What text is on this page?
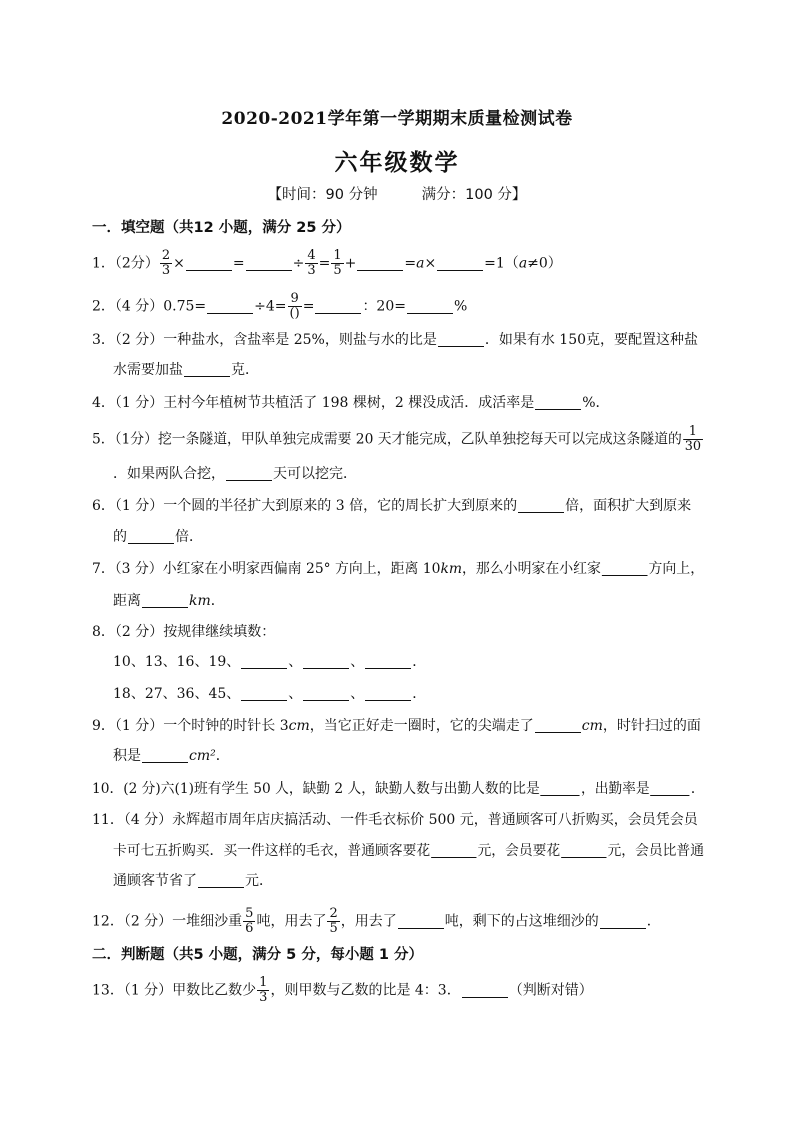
2020-2021学年第一学期期末质量检测试卷
六年级数学
【时间：90 分钟	满分：100 分】
一．填空题（共12 小题，满分 25 分）
1．（2分） $\frac{2}{3}$ ×	=	÷ $\frac{4}{3} = \frac{1}{5}$ +	=a×	=1（a≠0）
2．（4 分）0.75=	$\div 4= \frac{9}{()}$ =	：20=	%
3．（2 分）一种盐水，含盐率是 25%，则盐与水的比是	．如果有水 150克，要配置这种盐
水需要加盐	克．
4．（1 分）王村今年植树节共植活了 198 棵树，2 棵没成活．成活率是	%．
5．（1分）挖一条隧道，甲队单独完成需要 20 天才能完成，乙队单独挖每天可以完成这条隧道的 $\frac{1}{30}$
．如果两队合挖，	天可以挖完．
6．（1 分）一个圆的半径扩大到原来的 3 倍，它的周长扩大到原来的	倍，面积扩大到原来
的	倍．
7．（3 分）小红家在小明家西偏南 25° 方向上，距离 10km，那么小明家在小红家	方向上，
距离	km．
8．（2 分）按规律继续填数：
10、13、16、19、	、	、	．
18、27、36、45、	、	、	．
9．（1 分）一个时钟的时针长 3cm，当它正好走一圈时，它的尖端走了	cm，时针扫过的面
积是	cm²．
10．(2 分)六(1)班有学生 50 人，缺勤 2 人，缺勤人数与出勤人数的比是	，出勤率是	．
11．（4 分）永辉超市周年店庆搞活动、一件毛衣标价 500 元，普通顾客可八折购买，会员凭会员
卡可七五折购买．买一件这样的毛衣，普通顾客要花	元，会员要花	元，会员比普通
通顾客节省了	元．
12．（2 分）一堆细沙重 $\frac{5}{6}$ 吨，用去了 $\frac{2}{5}$ ，用去了	吨，剩下的占这堆细沙的	．
二．判断题（共5 小题，满分 5 分，每小题 1 分）
13．（1 分）甲数比乙数少 $\frac{1}{3}$ ，则甲数与乙数的比是 4：3．	（判断对错）
